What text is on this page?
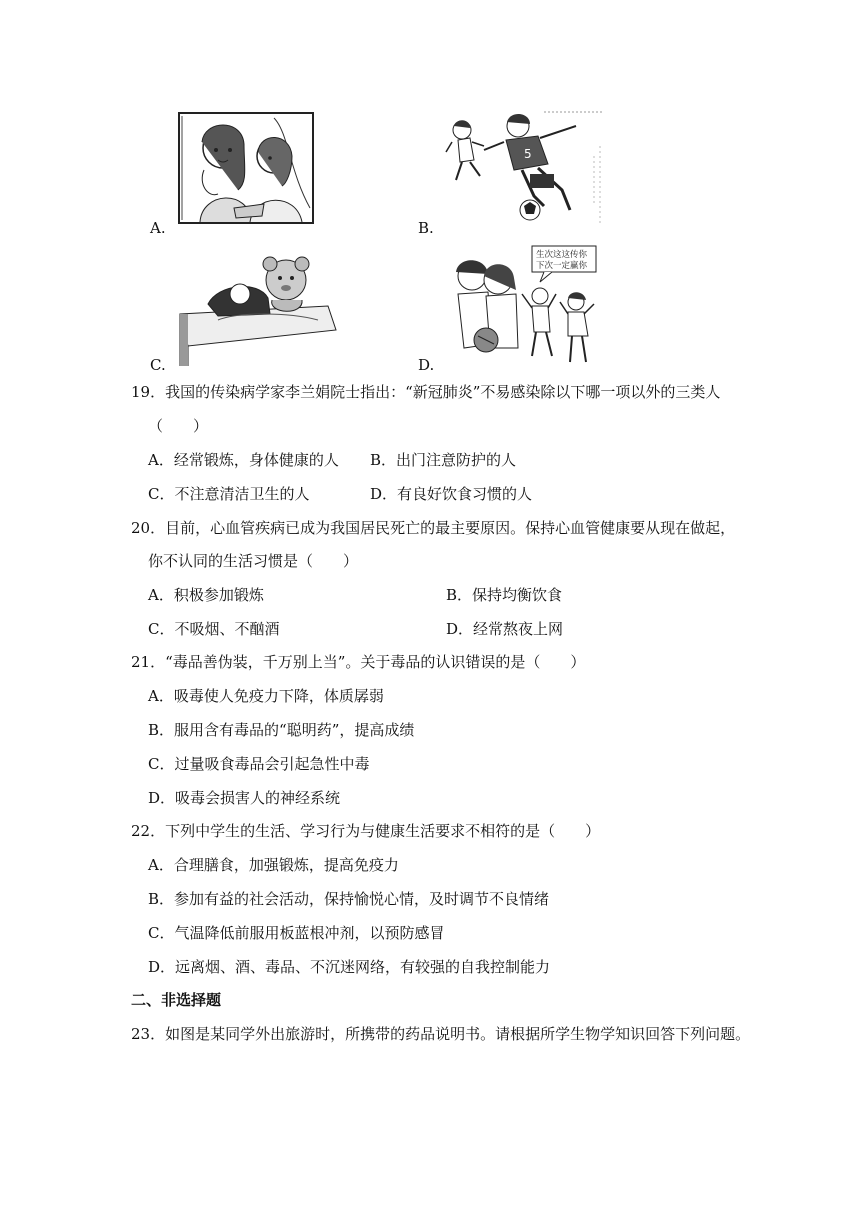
A.
5
B.
C.
生次这这传你
下次一定赢你
D.
19．我国的传染病学家李兰娟院士指出：“新冠肺炎”不易感染除以下哪一项以外的三类人
（　　）
A．经常锻炼，身体健康的人 B．出门注意防护的人
C．不注意清洁卫生的人	D．有良好饮食习惯的人
20．目前，心血管疾病已成为我国居民死亡的最主要原因。保持心血管健康要从现在做起，
你不认同的生活习惯是（　　）
A．积极参加锻炼	B．保持均衡饮食
C．不吸烟、不酗酒	D．经常熬夜上网
21．“毒品善伪装，千万别上当”。关于毒品的认识错误的是（　　）
A．吸毒使人免疫力下降，体质孱弱
B．服用含有毒品的“聪明药”，提高成绩
C．过量吸食毒品会引起急性中毒
D．吸毒会损害人的神经系统
22．下列中学生的生活、学习行为与健康生活要求不相符的是（　　）
A．合理膳食，加强锻炼，提高免疫力
B．参加有益的社会活动，保持愉悦心情，及时调节不良情绪
C．气温降低前服用板蓝根冲剂，以预防感冒
D．远离烟、酒、毒品、不沉迷网络，有较强的自我控制能力
二、非选择题
23．如图是某同学外出旅游时，所携带的药品说明书。请根据所学生物学知识回答下列问题。
